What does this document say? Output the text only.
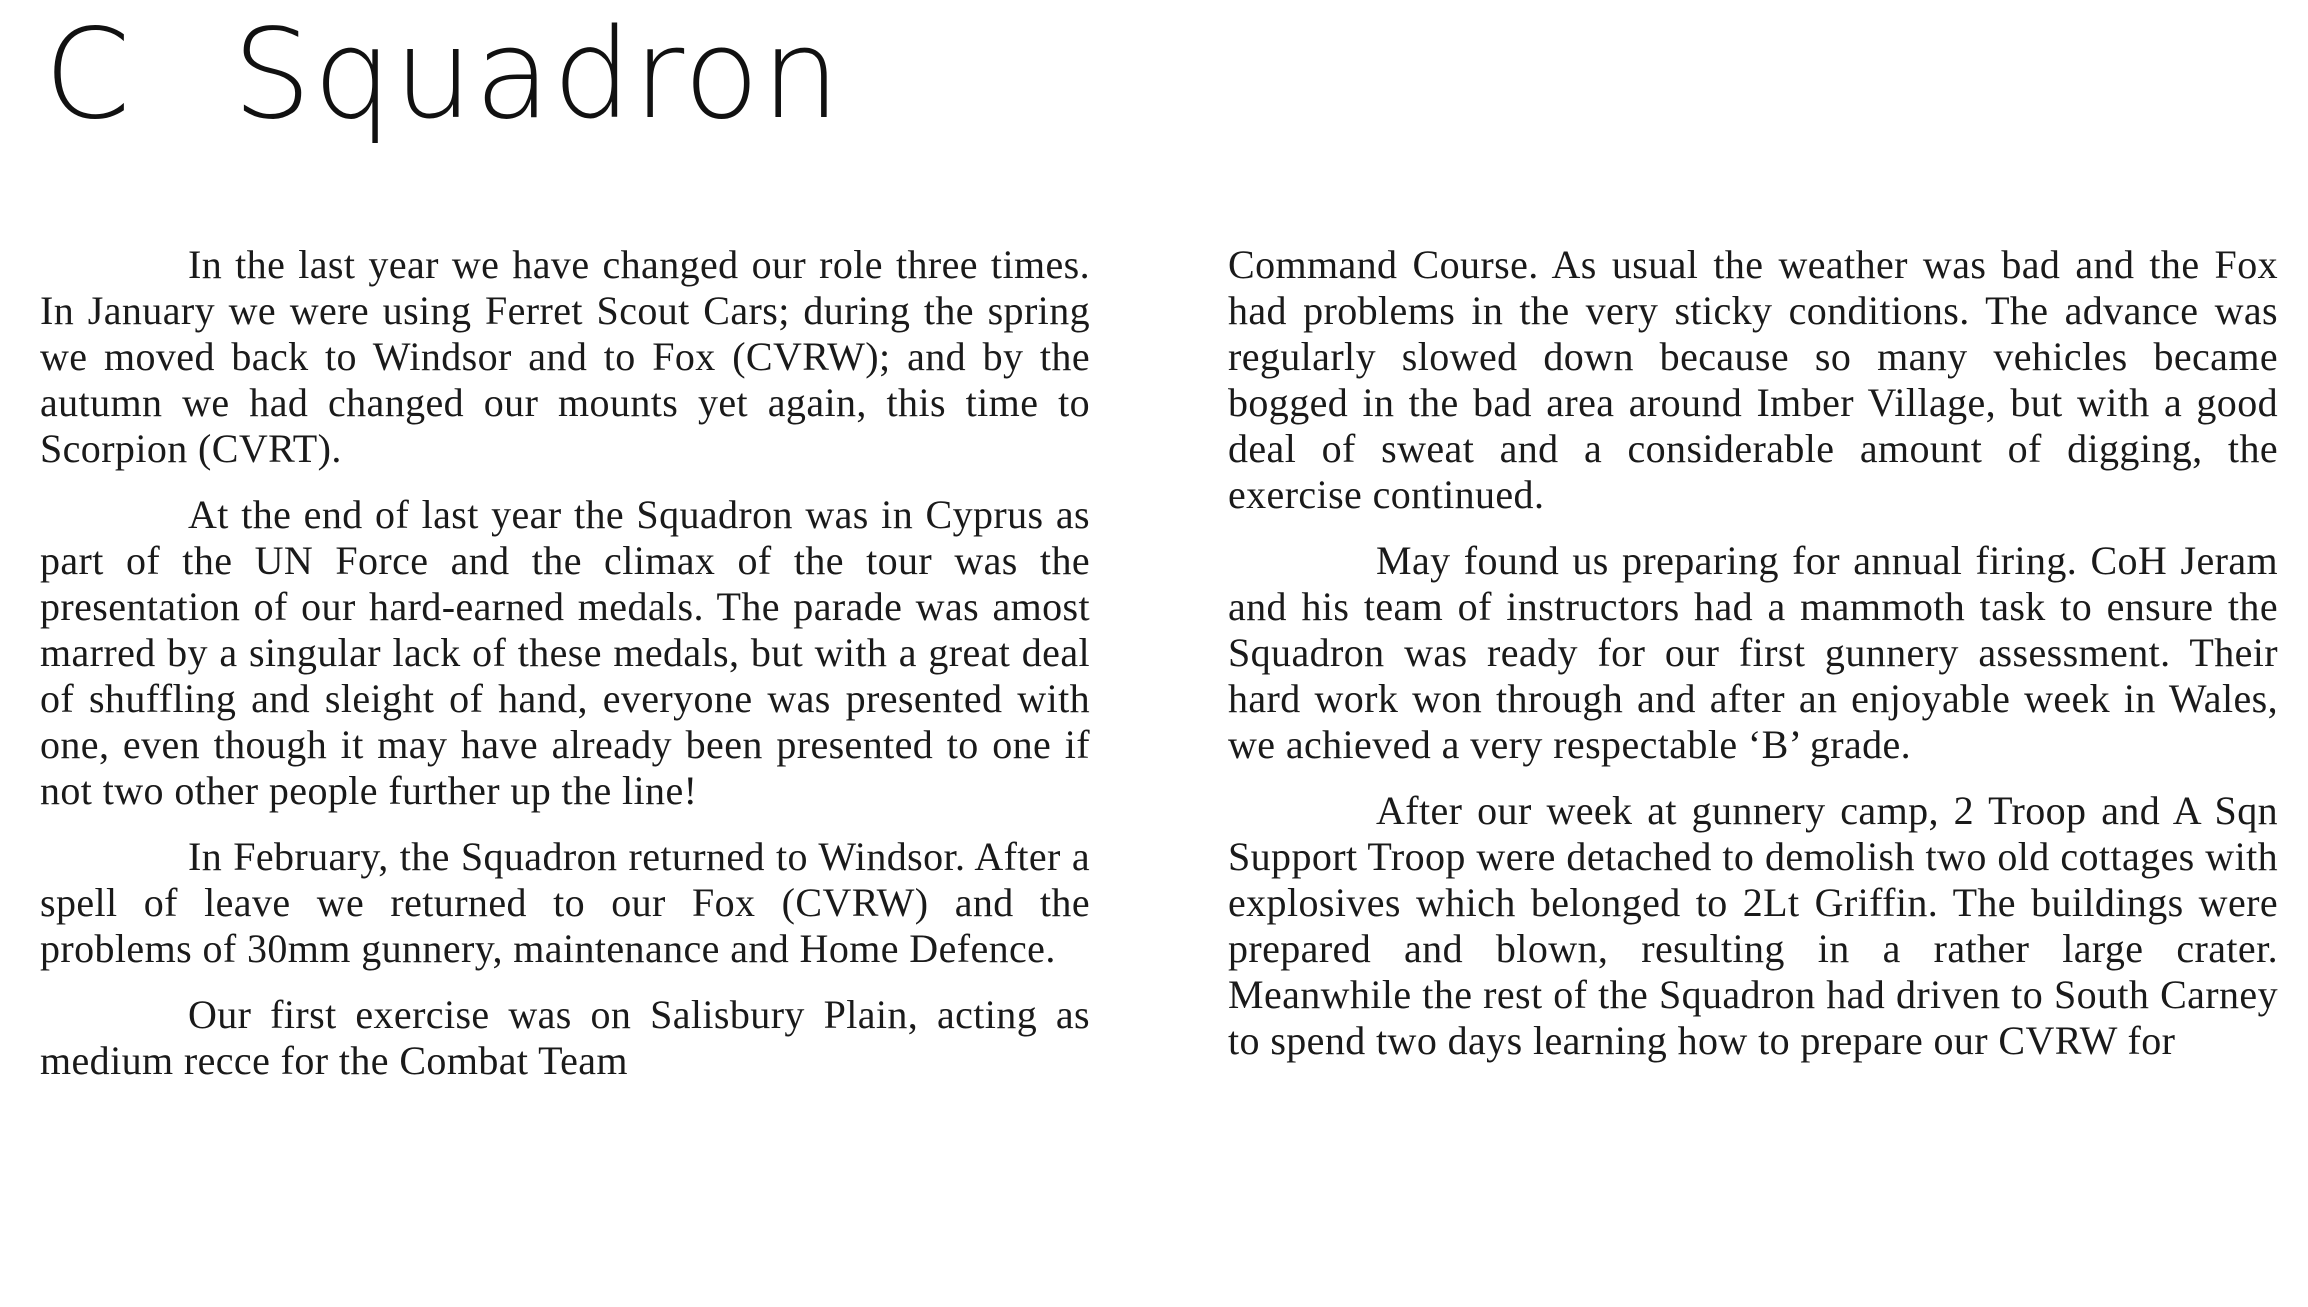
C Squadron

In the last year we have changed our role three times. In January we were using Ferret Scout Cars; during the spring we moved back to Windsor and to Fox (CVRW); and by the autumn we had changed our mounts yet again, this time to Scorpion (CVRT).

At the end of last year the Squadron was in Cyprus as part of the UN Force and the climax of the tour was the presentation of our hard-earned medals. The parade was amost marred by a singular lack of these medals, but with a great deal of shuffling and sleight of hand, everyone was presented with one, even though it may have already been presented to one if not two other people further up the line!

In February, the Squadron returned to Windsor. After a spell of leave we returned to our Fox (CVRW) and the problems of 30mm gunnery, maintenance and Home Defence.

Our first exercise was on Salisbury Plain, acting as medium recce for the Combat Team

Command Course. As usual the weather was bad and the Fox had problems in the very sticky conditions. The advance was regularly slowed down because so many vehicles became bogged in the bad area around Imber Village, but with a good deal of sweat and a considerable amount of digging, the exercise continued.

May found us preparing for annual firing. CoH Jeram and his team of instructors had a mammoth task to ensure the Squadron was ready for our first gunnery assessment. Their hard work won through and after an enjoyable week in Wales, we achieved a very respectable ‘B’ grade.

After our week at gunnery camp, 2 Troop and A Sqn Support Troop were detached to demolish two old cottages with explosives which belonged to 2Lt Griffin. The buildings were prepared and blown, resulting in a rather large crater. Meanwhile the rest of the Squadron had driven to South Carney to spend two days learning how to prepare our CVRW for
